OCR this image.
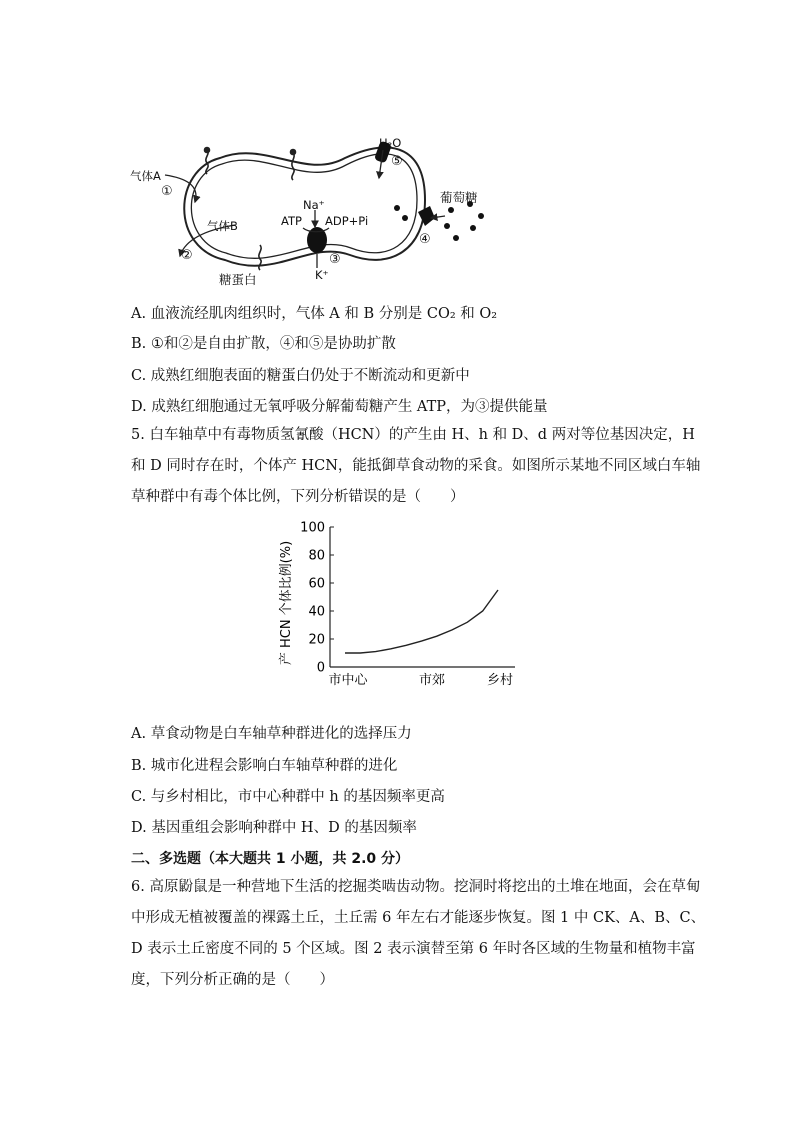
H₂O
⑤
气体A
①	葡萄糖
Na⁺
ATP ADP+Pi
气体B
④
②	③
K⁺
糖蛋白
A. 血液流经肌肉组织时，气体 A 和 B 分别是 CO₂ 和 O₂
B. ①和②是自由扩散，④和⑤是协助扩散
C. 成熟红细胞表面的糖蛋白仍处于不断流动和更新中
D. 成熟红细胞通过无氧呼吸分解葡萄糖产生 ATP，为③提供能量
5. 白车轴草中有毒物质氢氰酸（HCN）的产生由 H、h 和 D、d 两对等位基因决定，H 和 D 同时存在时，个体产 HCN，能抵御草食动物的采食。如图所示某地不同区域白车轴草种群中有毒个体比例，下列分析错误的是（　　）
产 HCN 个体比例(%)
0
20
40
60
80
100
市中心	市郊	乡村
A. 草食动物是白车轴草种群进化的选择压力
B. 城市化进程会影响白车轴草种群的进化
C. 与乡村相比，市中心种群中 h 的基因频率更高
D. 基因重组会影响种群中 H、D 的基因频率
二、多选题（本大题共 1 小题，共 2.0 分）
6. 高原鼢鼠是一种营地下生活的挖掘类啮齿动物。挖洞时将挖出的土堆在地面，会在草甸中形成无植被覆盖的裸露土丘，土丘需 6 年左右才能逐步恢复。图 1 中 CK、A、B、C、D 表示土丘密度不同的 5 个区域。图 2 表示演替至第 6 年时各区域的生物量和植物丰富度，下列分析正确的是（　　）
